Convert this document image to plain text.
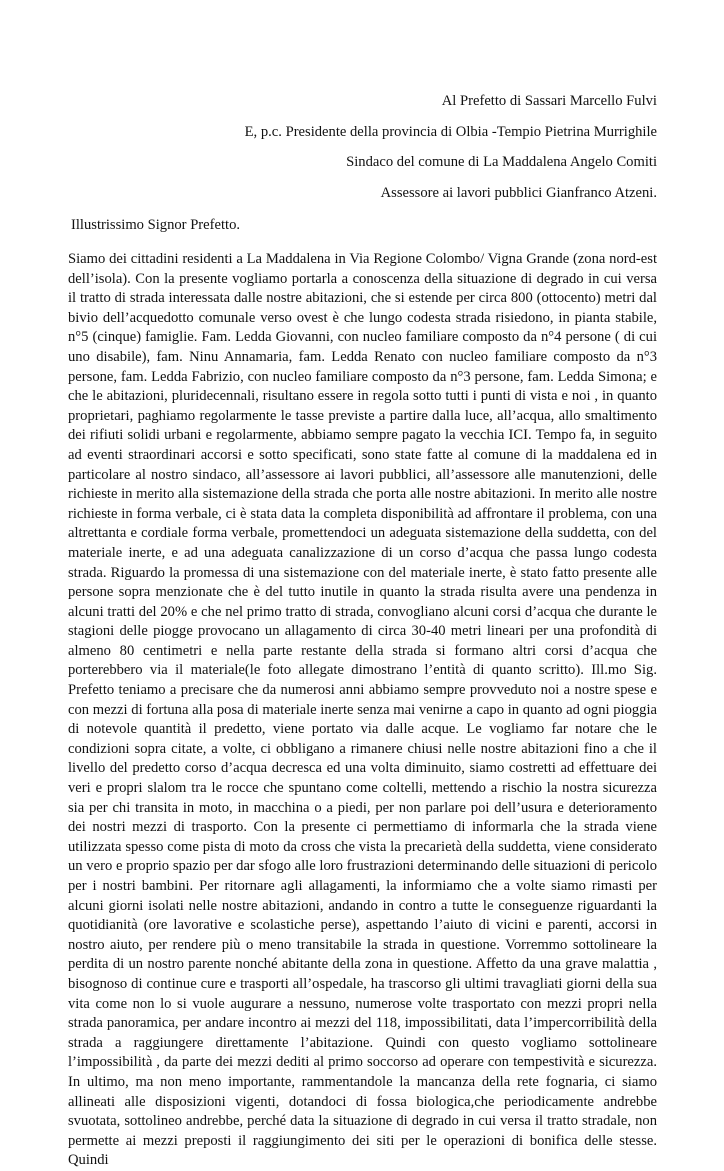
Al Prefetto di Sassari Marcello Fulvi
E, p.c. Presidente della provincia di Olbia -Tempio Pietrina Murrighile
Sindaco del comune di La Maddalena Angelo Comiti
Assessore ai lavori pubblici Gianfranco Atzeni.
Illustrissimo Signor Prefetto.

Siamo dei cittadini residenti a La Maddalena in Via Regione Colombo/ Vigna Grande (zona nord-est dell’isola). Con la presente vogliamo portarla a conoscenza della situazione di degrado in cui versa il tratto di strada interessata dalle nostre abitazioni, che si estende per circa 800 (ottocento) metri dal bivio dell’acquedotto comunale verso ovest è che lungo codesta strada risiedono, in pianta stabile, n°5 (cinque) famiglie. Fam. Ledda Giovanni, con nucleo familiare composto da n°4 persone ( di cui uno disabile), fam. Ninu Annamaria, fam. Ledda Renato con nucleo familiare composto da n°3 persone, fam. Ledda Fabrizio, con nucleo familiare composto da n°3 persone, fam. Ledda Simona; e che le abitazioni, pluridecennali, risultano essere in regola sotto tutti i punti di vista e noi , in quanto proprietari, paghiamo regolarmente le tasse previste a partire dalla luce, all’acqua, allo smaltimento dei rifiuti solidi urbani e regolarmente, abbiamo sempre pagato la vecchia ICI. Tempo fa, in seguito ad eventi straordinari accorsi e sotto specificati, sono state fatte al comune di la maddalena ed in particolare al nostro sindaco, all’assessore ai lavori pubblici, all’assessore alle manutenzioni, delle richieste in merito alla sistemazione della strada che porta alle nostre abitazioni. In merito alle nostre richieste in forma verbale, ci è stata data la completa disponibilità ad affrontare il problema, con una altrettanta e cordiale forma verbale, promettendoci un adeguata sistemazione della suddetta, con del materiale inerte, e ad una adeguata canalizzazione di un corso d’acqua che passa lungo codesta strada. Riguardo la promessa di una sistemazione con del materiale inerte, è stato fatto presente alle persone sopra menzionate che è del tutto inutile in quanto la strada risulta avere una pendenza in alcuni tratti del 20% e che nel primo tratto di strada, convogliano alcuni corsi d’acqua che durante le stagioni delle piogge provocano un allagamento di circa 30-40 metri lineari per una profondità di almeno 80 centimetri e nella parte restante della strada si formano altri corsi d’acqua che porterebbero via il materiale(le foto allegate dimostrano l’entità di quanto scritto). Ill.mo Sig. Prefetto teniamo a precisare che da numerosi anni abbiamo sempre provveduto noi a nostre spese e con mezzi di fortuna alla posa di materiale inerte senza mai venirne a capo in quanto ad ogni pioggia di notevole quantità il predetto, viene portato via dalle acque. Le vogliamo far notare che le condizioni sopra citate, a volte, ci obbligano a rimanere chiusi nelle nostre abitazioni fino a che il livello del predetto corso d’acqua decresca ed una volta diminuito, siamo costretti ad effettuare dei veri e propri slalom tra le rocce che spuntano come coltelli, mettendo a rischio la nostra sicurezza sia per chi transita in moto, in macchina o a piedi, per non parlare poi dell’usura e deterioramento dei nostri mezzi di trasporto. Con la presente ci permettiamo di informarla che la strada viene utilizzata spesso come pista di moto da cross che vista la precarietà della suddetta, viene considerato un vero e proprio spazio per dar sfogo alle loro frustrazioni determinando delle situazioni di pericolo per i nostri bambini. Per ritornare agli allagamenti, la informiamo che a volte siamo rimasti per alcuni giorni isolati nelle nostre abitazioni, andando in contro a tutte le conseguenze riguardanti la quotidianità (ore lavorative e scolastiche perse), aspettando l’aiuto di vicini e parenti, accorsi in nostro aiuto, per rendere più o meno transitabile la strada in questione. Vorremmo sottolineare la perdita di un nostro parente nonché abitante della zona in questione. Affetto da una grave malattia , bisognoso di continue cure e trasporti all’ospedale, ha trascorso gli ultimi travagliati giorni della sua vita come non lo si vuole augurare a nessuno, numerose volte trasportato con mezzi propri nella strada panoramica, per andare incontro ai mezzi del 118, impossibilitati, data l’impercorribilità della strada a raggiungere direttamente l’abitazione. Quindi con questo vogliamo sottolineare l’impossibilità , da parte dei mezzi dediti al primo soccorso ad operare con tempestività e sicurezza. In ultimo, ma non meno importante, rammentandole la mancanza della rete fognaria, ci siamo allineati alle disposizioni vigenti, dotandoci di fossa biologica,che periodicamente andrebbe svuotata, sottolineo andrebbe, perché data la situazione di degrado in cui versa il tratto stradale, non permette ai mezzi preposti il raggiungimento dei siti per le operazioni di bonifica delle stesse. Quindi
